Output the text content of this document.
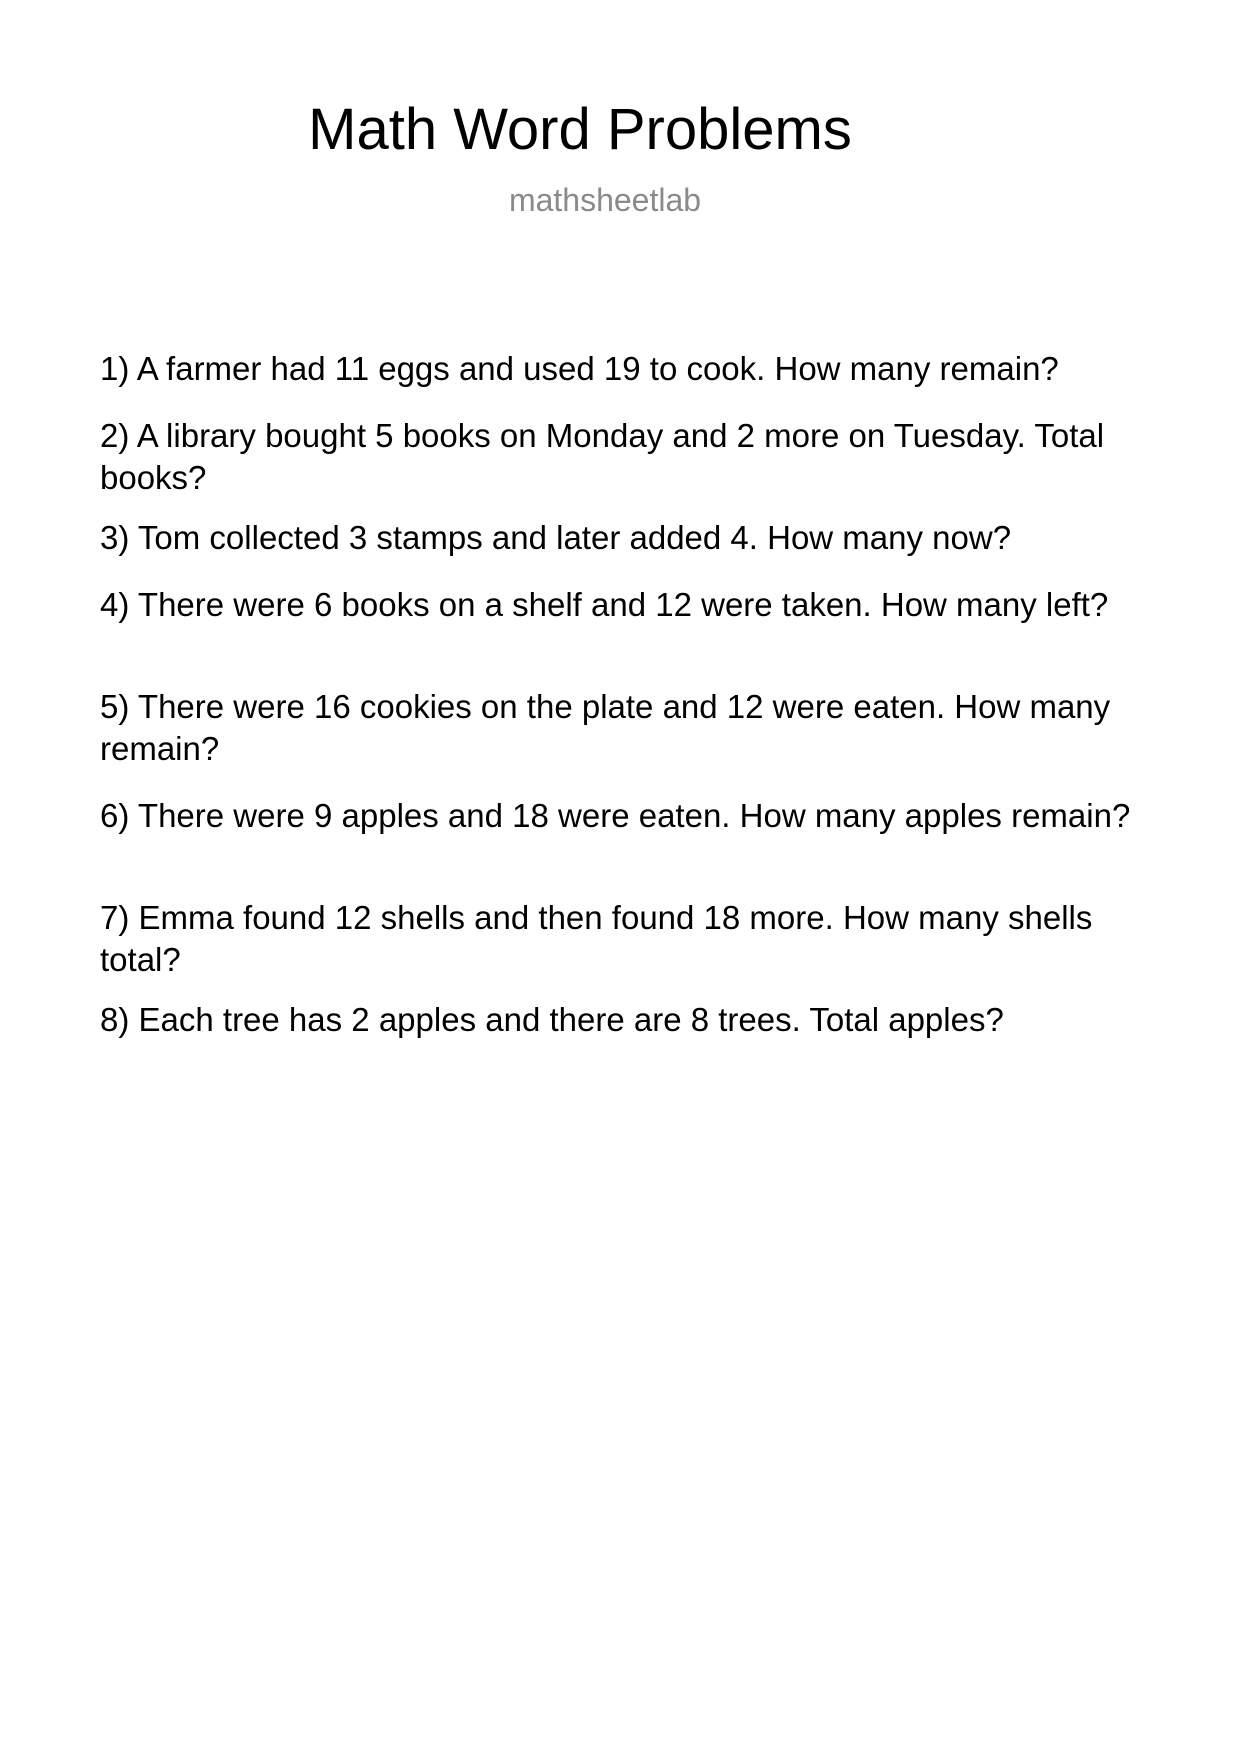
Math Word Problems
mathsheetlab
1) A farmer had 11 eggs and used 19 to cook. How many remain?
2) A library bought 5 books on Monday and 2 more on Tuesday. Total books?
3) Tom collected 3 stamps and later added 4. How many now?
4) There were 6 books on a shelf and 12 were taken. How many left?
5) There were 16 cookies on the plate and 12 were eaten. How many remain?
6) There were 9 apples and 18 were eaten. How many apples remain?
7) Emma found 12 shells and then found 18 more. How many shells total?
8) Each tree has 2 apples and there are 8 trees. Total apples?
